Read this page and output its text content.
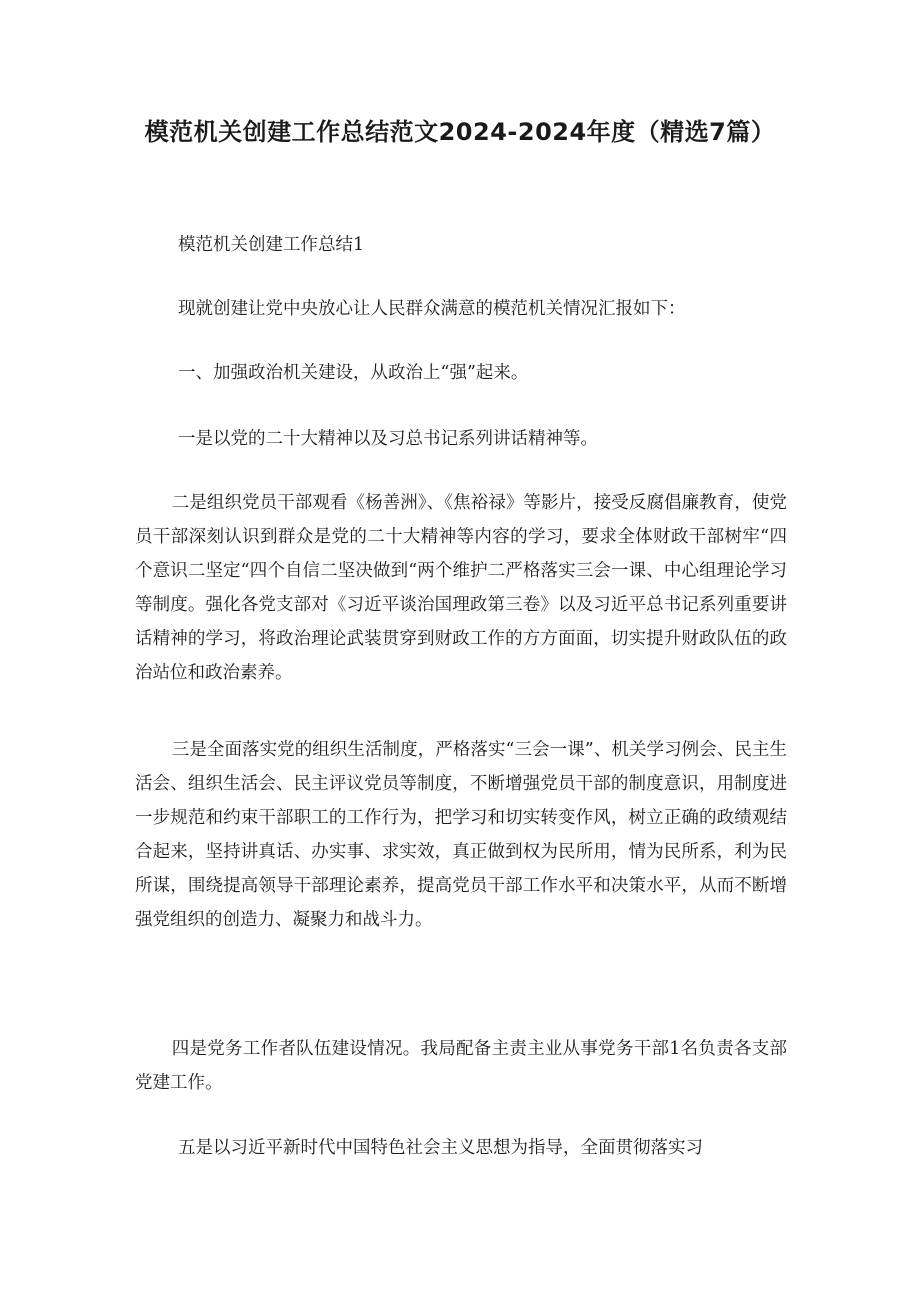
模范机关创建工作总结范文2024-2024年度（精选7篇）

模范机关创建工作总结1

现就创建让党中央放心让人民群众满意的模范机关情况汇报如下：

一、加强政治机关建设，从政治上“强”起来。

一是以党的二十大精神以及习总书记系列讲话精神等。

二是组织党员干部观看《杨善洲》、《焦裕禄》等影片，接受反腐倡廉教育，使党员干部深刻认识到群众是党的二十大精神等内容的学习，要求全体财政干部树牢“四个意识二坚定“四个自信二坚决做到“两个维护二严格落实三会一课、中心组理论学习等制度。强化各党支部对《习近平谈治国理政第三卷》以及习近平总书记系列重要讲话精神的学习，将政治理论武装贯穿到财政工作的方方面面，切实提升财政队伍的政治站位和政治素养。

三是全面落实党的组织生活制度，严格落实“三会一课”、机关学习例会、民主生活会、组织生活会、民主评议党员等制度，不断增强党员干部的制度意识，用制度进一步规范和约束干部职工的工作行为，把学习和切实转变作风，树立正确的政绩观结合起来，坚持讲真话、办实事、求实效，真正做到权为民所用，情为民所系，利为民所谋，围绕提高领导干部理论素养，提高党员干部工作水平和决策水平，从而不断增强党组织的创造力、凝聚力和战斗力。

四是党务工作者队伍建设情况。我局配备主责主业从事党务干部1名负责各支部党建工作。

五是以习近平新时代中国特色社会主义思想为指导，全面贯彻落实习
